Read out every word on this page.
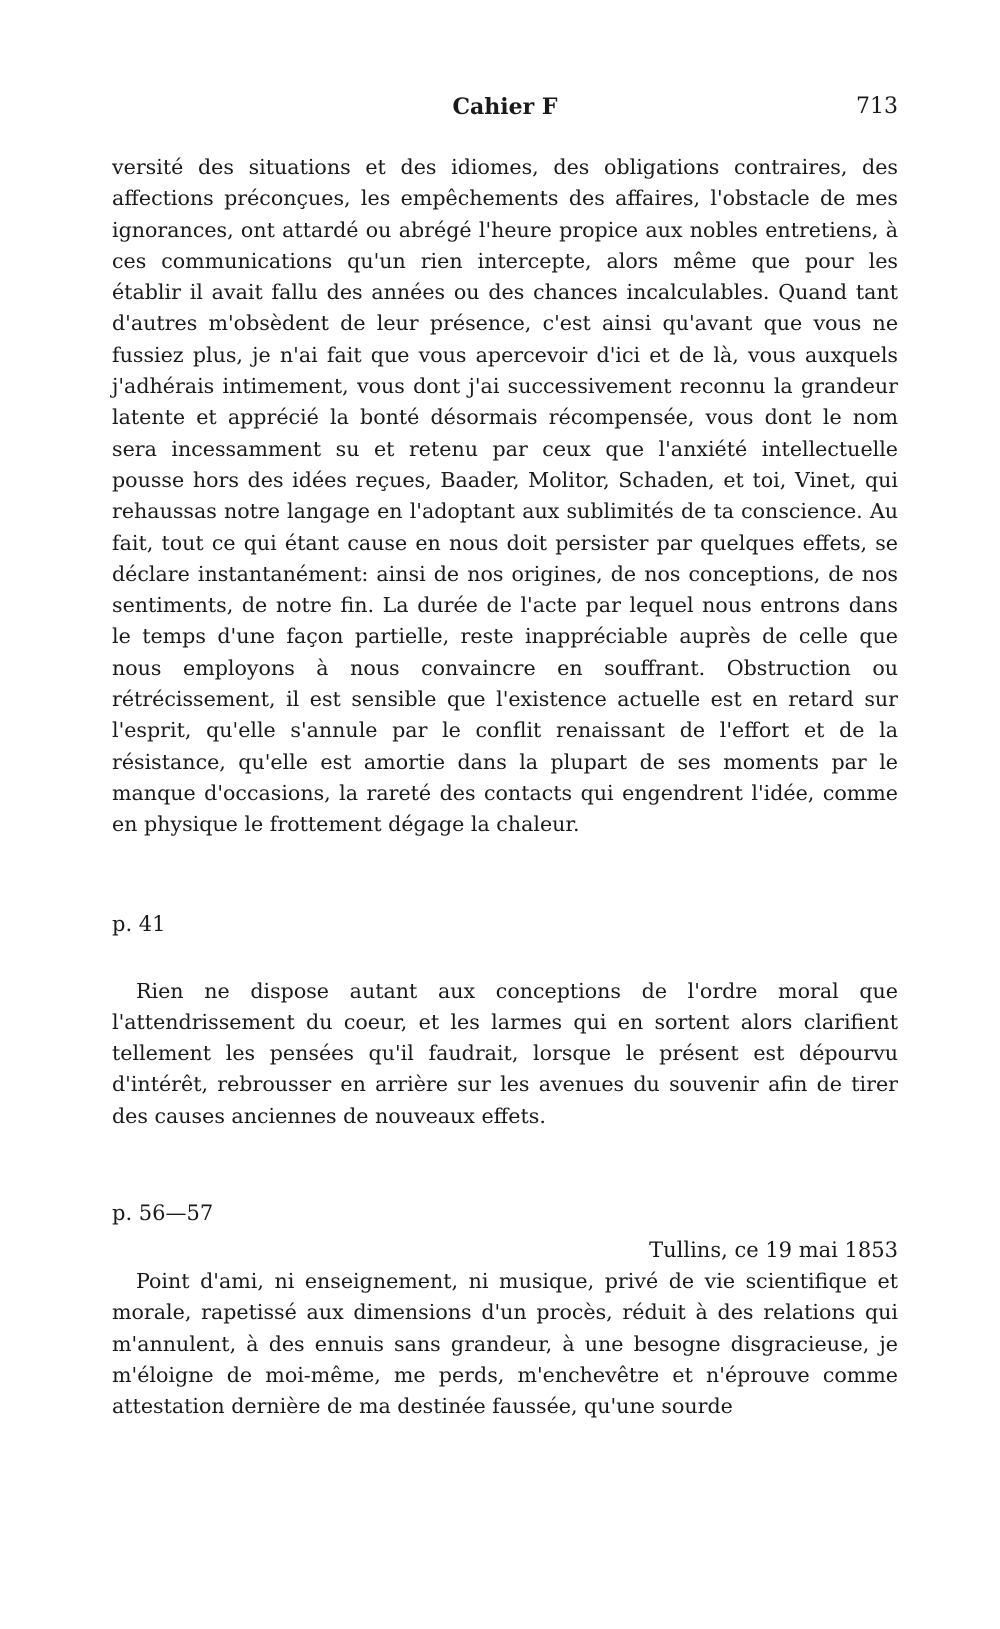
Cahier F	713

versité des situations et des idiomes, des obligations contraires, des affections préconçues, les empêchements des affaires, l'obstacle de mes ignorances, ont attardé ou abrégé l'heure propice aux nobles entretiens, à ces communications qu'un rien intercepte, alors même que pour les établir il avait fallu des années ou des chances incalculables. Quand tant d'autres m'obsèdent de leur présence, c'est ainsi qu'avant que vous ne fussiez plus, je n'ai fait que vous apercevoir d'ici et de là, vous auxquels j'adhérais intimement, vous dont j'ai successivement reconnu la grandeur latente et apprécié la bonté désormais récompensée, vous dont le nom sera incessamment su et retenu par ceux que l'anxiété intellectuelle pousse hors des idées reçues, Baader, Molitor, Schaden, et toi, Vinet, qui rehaussas notre langage en l'adoptant aux sublimités de ta conscience. Au fait, tout ce qui étant cause en nous doit persister par quelques effets, se déclare instantanément: ainsi de nos origines, de nos conceptions, de nos sentiments, de notre fin. La durée de l'acte par lequel nous entrons dans le temps d'une façon partielle, reste inappréciable auprès de celle que nous employons à nous convaincre en souffrant. Obstruction ou rétrécissement, il est sensible que l'existence actuelle est en retard sur l'esprit, qu'elle s'annule par le conflit renaissant de l'effort et de la résistance, qu'elle est amortie dans la plupart de ses moments par le manque d'occasions, la rareté des contacts qui engendrent l'idée, comme en physique le frottement dégage la chaleur.

p. 41

Rien ne dispose autant aux conceptions de l'ordre moral que l'attendrissement du coeur, et les larmes qui en sortent alors clarifient tellement les pensées qu'il faudrait, lorsque le présent est dépourvu d'intérêt, rebrousser en arrière sur les avenues du souvenir afin de tirer des causes anciennes de nouveaux effets.

p. 56—57

Tullins, ce 19 mai 1853

Point d'ami, ni enseignement, ni musique, privé de vie scientifique et morale, rapetissé aux dimensions d'un procès, réduit à des relations qui m'annulent, à des ennuis sans grandeur, à une besogne disgracieuse, je m'éloigne de moi-même, me perds, m'enchevêtre et n'éprouve comme attestation dernière de ma destinée faussée, qu'une sourde
